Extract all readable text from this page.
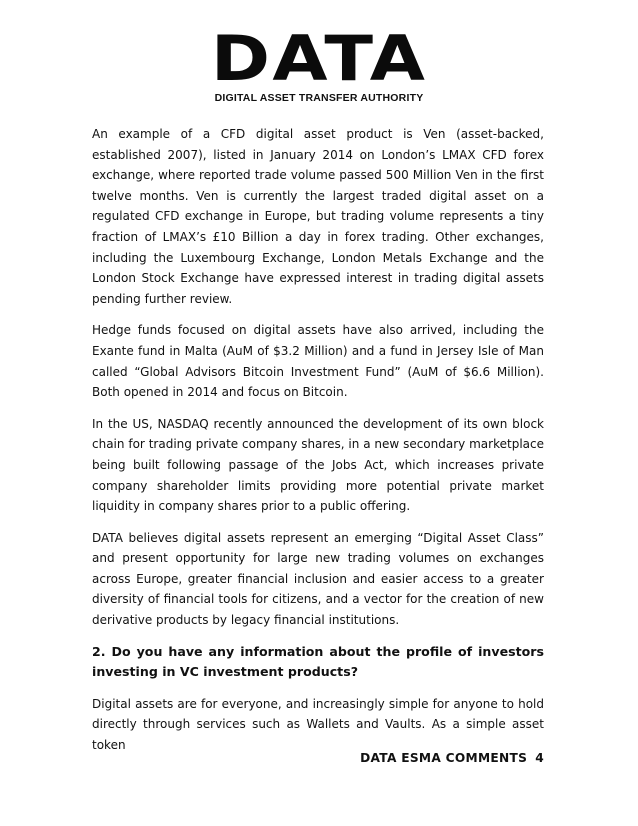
DATA
DIGITAL ASSET TRANSFER AUTHORITY

An example of a CFD digital asset product is Ven (asset-backed, established 2007), listed in January 2014 on London’s LMAX CFD forex exchange, where reported trade volume passed 500 Million Ven in the first twelve months. Ven is currently the largest traded digital asset on a regulated CFD exchange in Europe, but trading volume represents a tiny fraction of LMAX’s £10 Billion a day in forex trading. Other exchanges, including the Luxembourg Exchange, London Metals Exchange and the London Stock Exchange have expressed interest in trading digital assets pending further review.

Hedge funds focused on digital assets have also arrived, including the Exante fund in Malta (AuM of $3.2 Million) and a fund in Jersey Isle of Man called “Global Advisors Bitcoin Investment Fund” (AuM of $6.6 Million). Both opened in 2014 and focus on Bitcoin.

In the US, NASDAQ recently announced the development of its own block chain for trading private company shares, in a new secondary marketplace being built following passage of the Jobs Act, which increases private company shareholder limits providing more potential private market liquidity in company shares prior to a public offering.

DATA believes digital assets represent an emerging “Digital Asset Class” and present opportunity for large new trading volumes on exchanges across Europe, greater financial inclusion and easier access to a greater diversity of financial tools for citizens, and a vector for the creation of new derivative products by legacy financial institutions.

2. Do you have any information about the profile of investors investing in VC investment products?

Digital assets are for everyone, and increasingly simple for anyone to hold directly through services such as Wallets and Vaults. As a simple asset token

DATA ESMA COMMENTS 4
